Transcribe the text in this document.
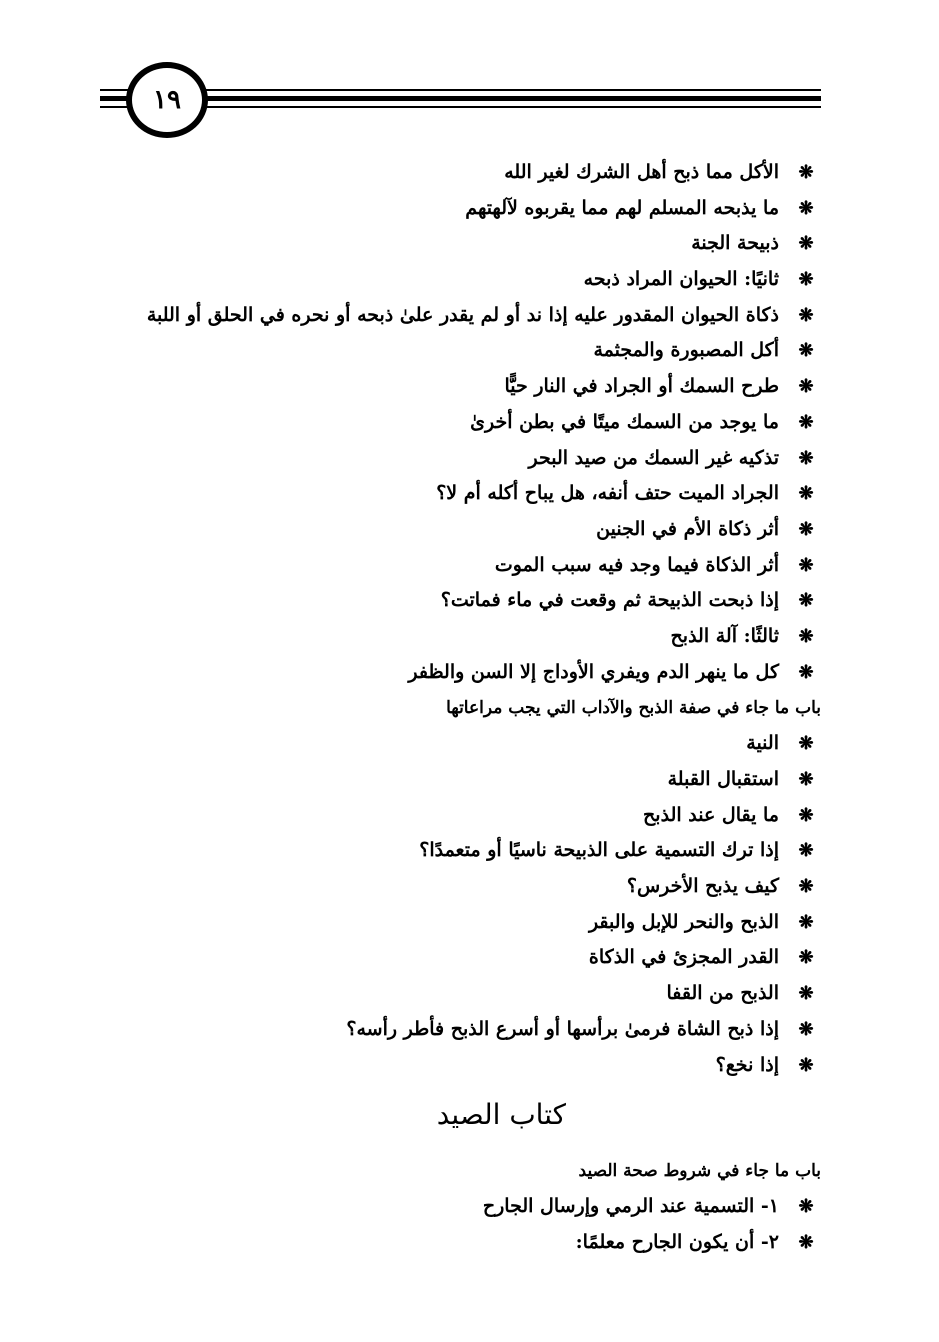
١٩
❋
الأكل مما ذبح أهل الشرك لغير الله
❋
ما يذبحه المسلم لهم مما يقربوه لآلهتهم
❋
ذبيحة الجنة
❋
ثانيًا: الحيوان المراد ذبحه
❋
ذكاة الحيوان المقدور عليه إذا ند أو لم يقدر علىٰ ذبحه أو نحره في الحلق أو اللبة
❋
أكل المصبورة والمجثمة
❋
طرح السمك أو الجراد في النار حيًّا
❋
ما يوجد من السمك ميتًا في بطن أخرىٰ
❋
تذكيه غير السمك من صيد البحر
❋
الجراد الميت حتف أنفه، هل يباح أكله أم لا؟
❋
أثر ذكاة الأم في الجنين
❋
أثر الذكاة فيما وجد فيه سبب الموت
❋
إذا ذبحت الذبيحة ثم وقعت في ماء فماتت؟
❋
ثالثًا: آلة الذبح
❋
كل ما ينهر الدم ويفري الأوداج إلا السن والظفر
باب ما جاء في صفة الذبح والآداب التي يجب مراعاتها
❋
النية
❋
استقبال القبلة
❋
ما يقال عند الذبح
❋
إذا ترك التسمية على الذبيحة ناسيًا أو متعمدًا؟
❋
كيف يذبح الأخرس؟
❋
الذبح والنحر للإبل والبقر
❋
القدر المجزئ في الذكاة
❋
الذبح من القفا
❋
إذا ذبح الشاة فرمىٰ برأسها أو أسرع الذبح فأطر رأسه؟
❋
إذا نخع؟
كتاب الصيد
باب ما جاء في شروط صحة الصيد
❋
١- التسمية عند الرمي وإرسال الجارح
❋
٢- أن يكون الجارح معلمًا:
